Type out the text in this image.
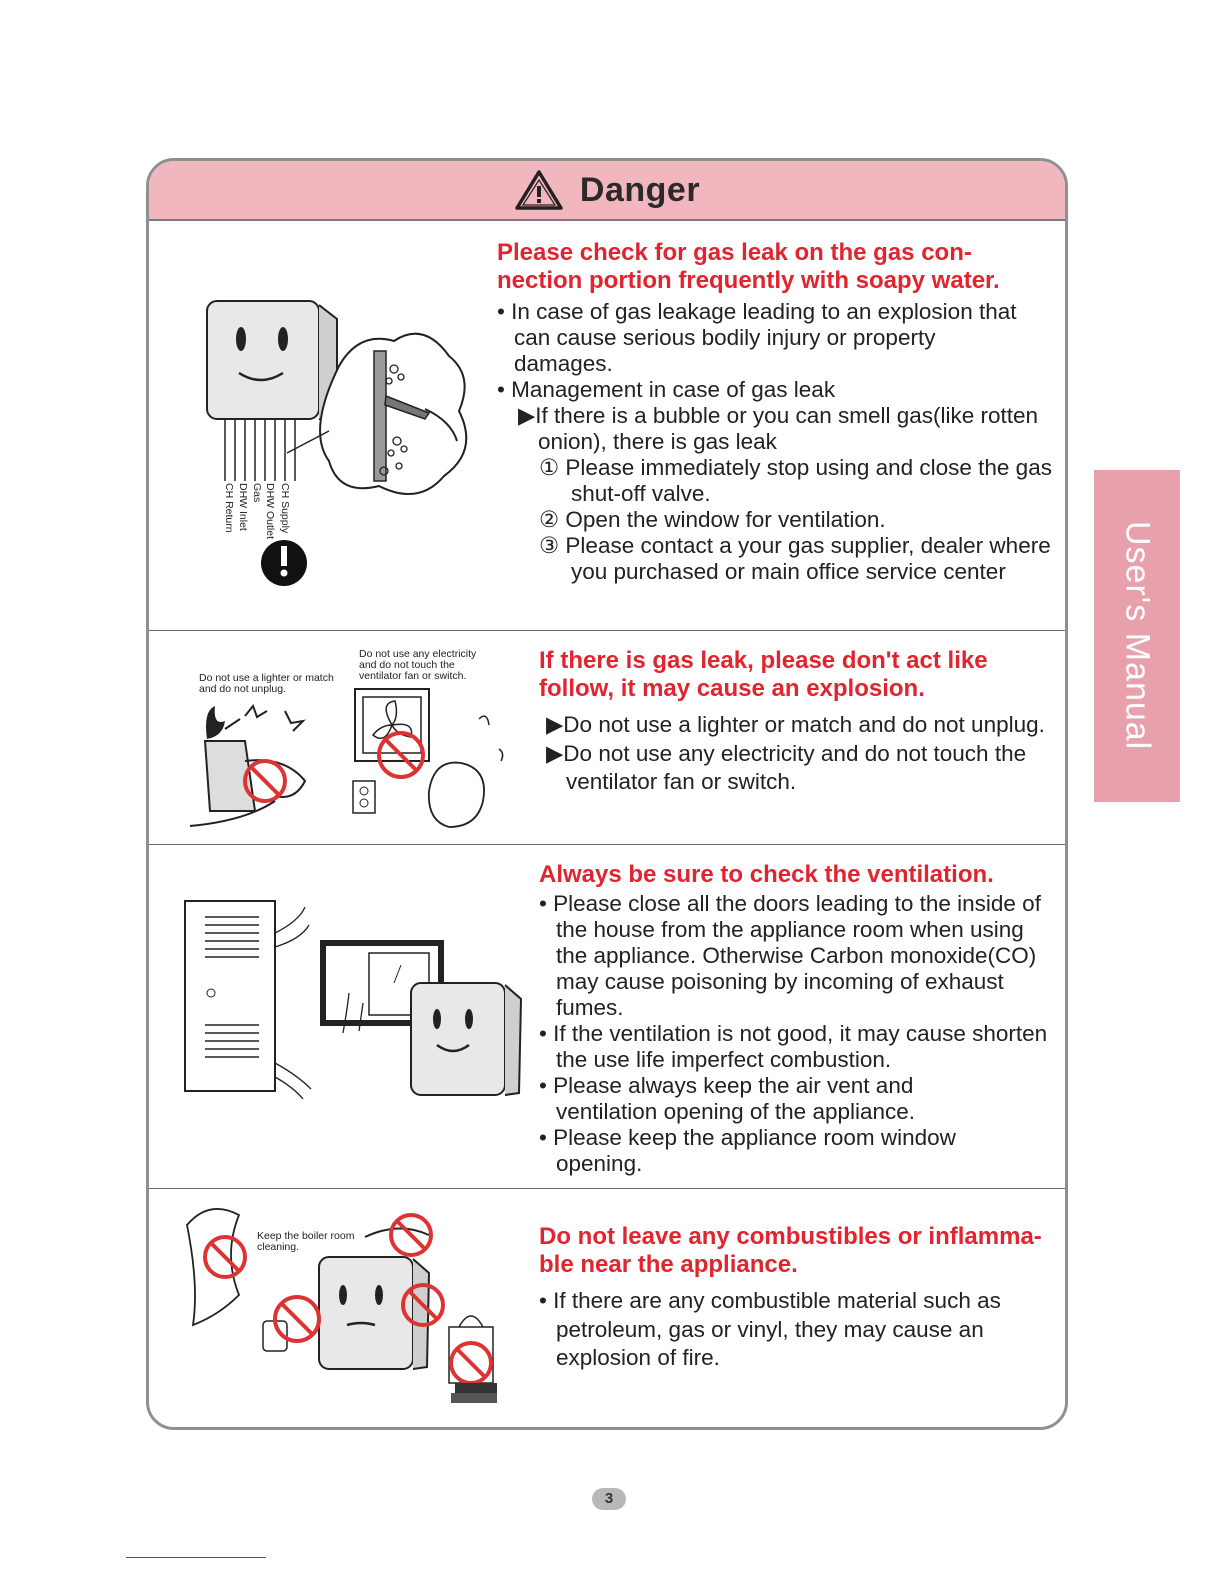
Danger
CH Supply
DHW Outlet
Gas
DHW Inlet
CH Return

Please check for gas leak on the gas con-

nection portion frequently with soapy water.

• In case of gas leakage leading to an explosion that can cause serious bodily injury or property damages.

• Management in case of gas leak

▶If there is a bubble or you can smell gas(like rotten onion), there is gas leak

① Please immediately stop using and close the gas shut-off valve.

② Open the window for ventilation.

③ Please contact a your gas supplier, dealer where you purchased or main office service center

Do not use a lighter or match and do not unplug.
Do not use any electricity and do not touch the ventilator fan or switch.

If there is gas leak, please don't act like

follow, it may cause an explosion.

▶Do not use a lighter or match and do not unplug.

▶Do not use any electricity and do not touch the ventilator fan or switch.

Always be sure to check the ventilation.

• Please close all the doors leading to the inside of the house from the appliance room when using the appliance. Otherwise Carbon monoxide(CO) may cause poisoning by incoming of exhaust fumes.

• If the ventilation is not good, it may cause shorten the use life imperfect combustion.

• Please always keep the air vent and ventilation opening of the appliance.

• Please keep the appliance room window opening.

Keep the boiler room cleaning.	Do not leave any combustibles or inflamma-

ble near the appliance.

• If there are any combustible material such as petroleum, gas or vinyl, they may cause an explosion of fire.

User's Manual
3
